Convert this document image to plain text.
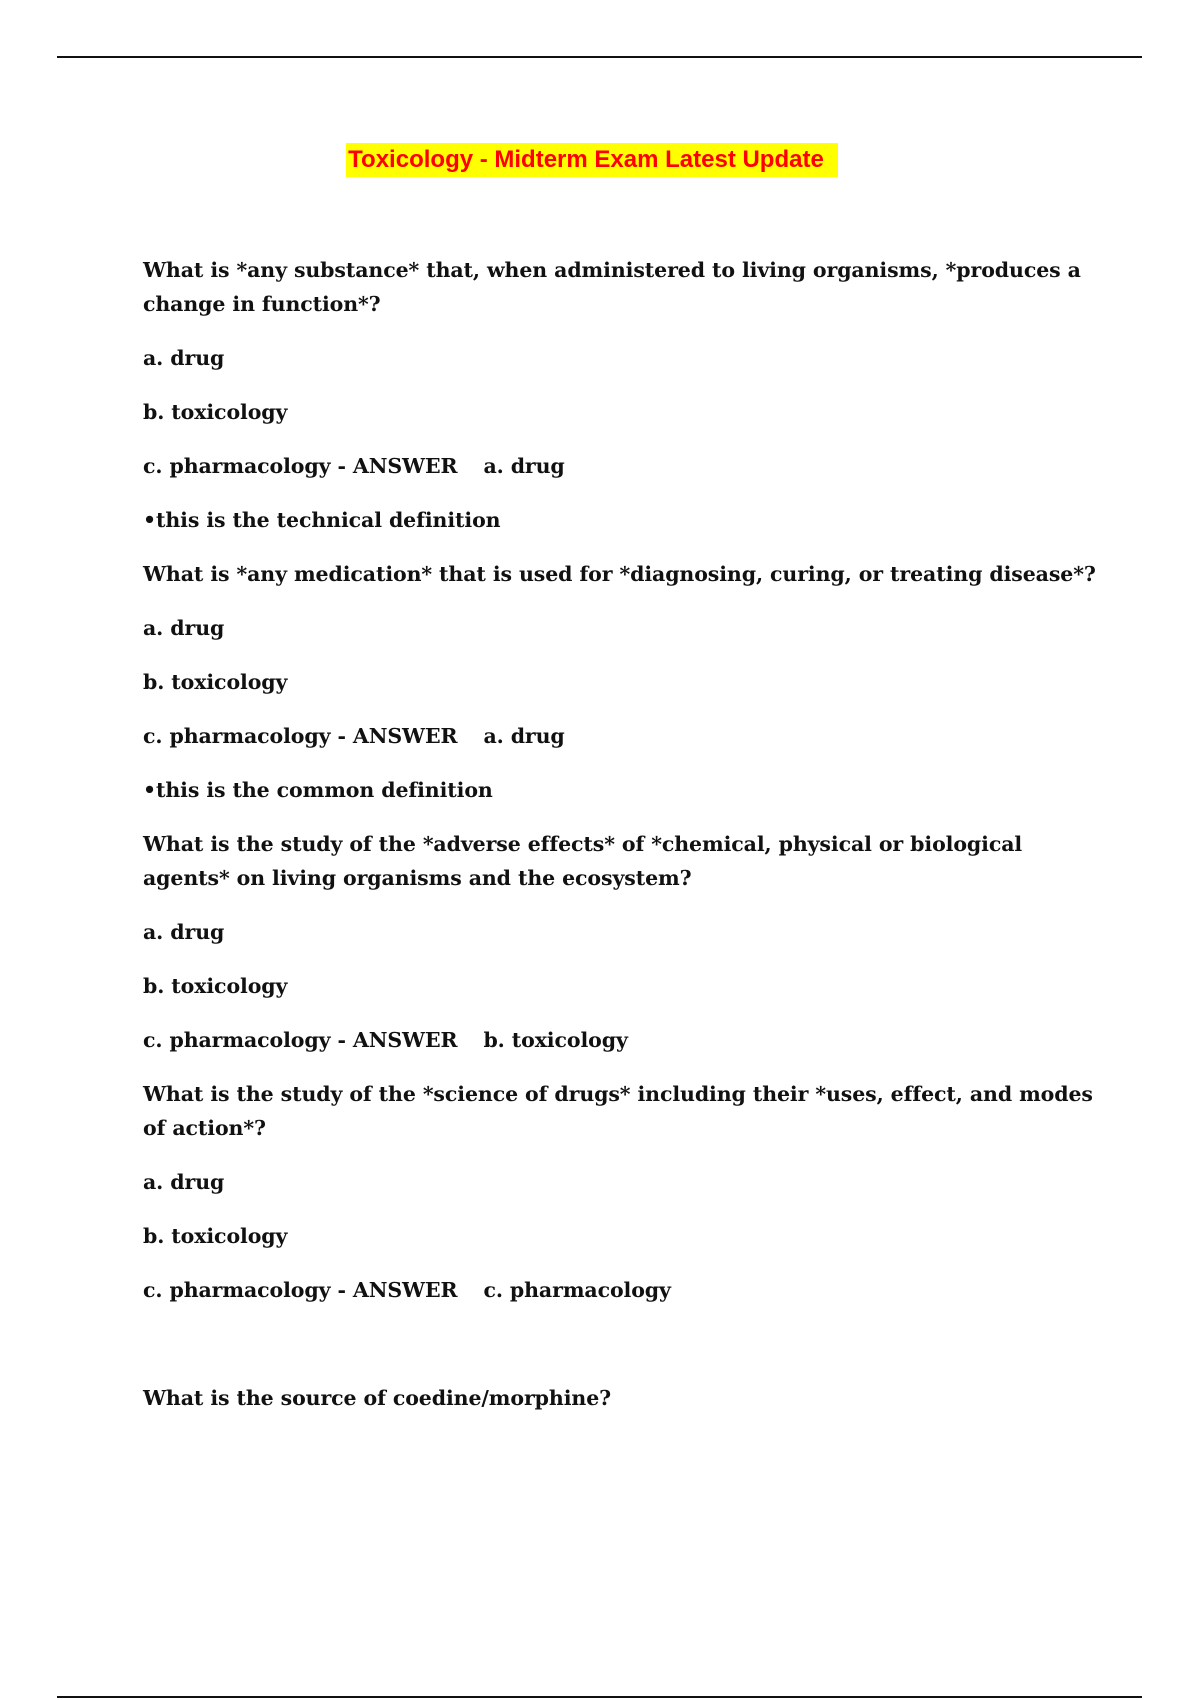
Toxicology - Midterm Exam Latest Update
What is *any substance* that, when administered to living organisms, *produces a change in function*?
a. drug
b. toxicology
c. pharmacology - ANSWER a. drug
•this is the technical definition
What is *any medication* that is used for *diagnosing, curing, or treating disease*?
a. drug
b. toxicology
c. pharmacology - ANSWER a. drug
•this is the common definition
What is the study of the *adverse effects* of *chemical, physical or biological agents* on living organisms and the ecosystem?
a. drug
b. toxicology
c. pharmacology - ANSWER b. toxicology
What is the study of the *science of drugs* including their *uses, effect, and modes of action*?
a. drug
b. toxicology
c. pharmacology - ANSWER c. pharmacology
What is the source of coedine/morphine?
